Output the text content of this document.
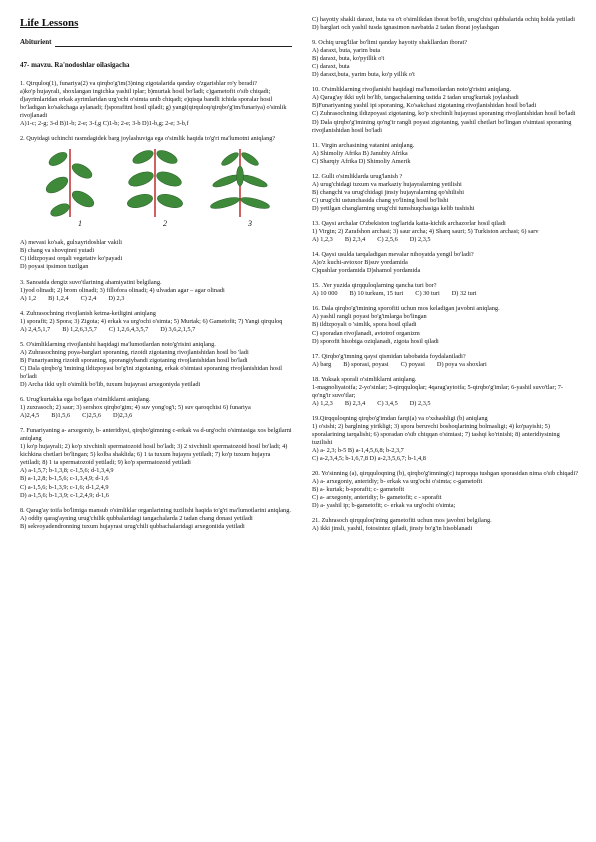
Life Lessons
Abiturient
47- mavzu. Ra'nodoshlar oilasigacha
1. Qirquloq(1), funariya(2) va qirqbo'g'im(3)ning zigotalarida qanday o'zgarishlar ro'y beradi?
a)ko'p hujayrali, shoxlangan ingichka yashil iplar; b)murtak hosil bo'ladi; c)gametofit o'sib chiqadi; d)ayrimlaridan erkak ayrimlaridan urg'ochi o'simta unib chiqadi; e)qisqa bandli ichida sporalar hosil bo'ladigan ko'sakchaga aylanadi; f)sporafitni hosil qiladi; g) yangi(qirquloq/qirqbo'g'im/funariya) o'simlik rivojlanadi
A)1-c; 2-g; 3-d B)1-b; 2-e; 3-f,g C)1-b; 2-e; 3-b D)1-b,g; 2-e; 3-b,f
2. Quyidagi uchinchi rasmdagidek barg joylashuviga ega o'simlik haqida to'g'ri ma'lumotni aniqlang?
1	2	3
A) mevasi ko'sak, gulxayridoshlar vakili
B) chang va shovqinni yutadi
C) ildizpoyasi orqali vegetativ ko'payadi
D) poyasi ipsimon tuzilgan
3. Sanoatda dengiz suvo'tlarining ahamiyatini belgilang.
1)yod olinadi; 2) brom olinadi; 3) fillofora olinadi; 4) ulvadan agar – agar olinadi
A) 1,2 B) 1,2,4 C) 2,4 D) 2,3
4. Zuhrasochning rivojlanish ketma-ketligini aniqlang
1) sporafit; 2) Spora; 3) Zigota; 4) erkak va urg'ochi o'simta; 5) Murtak; 6) Gametofit; 7) Yangi qirquloq
A) 2,4,5,1,7 B) 1,2,6,3,5,7 C) 1,2,6,4,3,5,7 D) 3,6,2,1,5,7
5. O'simliklarning rivojlanishi haqidagi ma'lumotlardan noto'g'risini aniqlang.
A) Zuhrasochning poya-barglari sporaning, rizoidi zigotaning rivojlanishidan hosil bo 'ladi
B) Funariyaning rizoidi sporaning, sporangiybandi zigotaning rivojlanishidan hosil bo'ladi
C) Dala qirqbo'g 'imining ildizpoyasi bo'g'ini zigotaning, erkak o'simtasi sporaning rivojlanishidan hosil bo'ladi
D) Archa ikki uyli o'simlik bo'lib, tuxum hujayrasi arxegoniyda yetiladi
6. Urug'kurtakka ega bo'lgan o'simliklarni aniqlang.
1) zuxrasoch; 2) saur; 3) sershox qirqbo'gim; 4) suv yong'og'i; 5) suv qaroqchisi 6) funariya
A)2,4,5 B)1,5,6 C)2,5,6 D)2,3,6
7. Funariyaning a- arxegoniy, b- anteridiysi, qirqbo'gimning c-erkak va d-urg'ochi o'simtasiga xos belgilarni aniqlang
1) ko'p hujayrali; 2) ko'p xivchinli spermatozoid hosil bo'ladi; 3) 2 xivchinli spermatozoid hosil bo'ladi; 4) kichkina chetlari bo'lingan; 5) kolba shaklida; 6) 1 ta tuxum hujayra yetiladi; 7) ko'p tuxum hujayra yetiladi; 8) 1 ta spermatozoid yetiladi; 9) ko'p spermatozoid yetiladi
A) a-1,5,7; b-1,3,8; c-1,5,6; d-1,3,4,9
B) a-1,2,8; b-1,5,6; c-1,3,4,9; d-1,6
C) a-1,5,6; b-1,3,9; c-1,6; d-1,2,4,9
D) a-1,5,6; b-1,3,9; c-1,2,4,9; d-1,6
8. Qarag'ay toifa bo'limiga mansub o'simliklar organlarining tuzilishi haqida to'g'ri ma'lumotlarini aniqlang.
A) oddiy qarag'ayning urug'chilik qubbalaridagi tangachalarda 2 tadan chang donasi yetiladi
B) sekvoyadendronning tuxum hujayrasi urug'chili qubbachalaridagi arxegoniida yetiladi
C) hayotiy shakli daraxt, buta va o't o'simlikdan iborat bo'lib, urug'chisi qubbalarida ochiq holda yetiladi
D) barglari och yashil tusda ignasimon navbatda 2 tadan iborat joylashgan
9. Ochiq urug'lilar bo'limi qanday hayotiy shakllardan iborat?
A) daraxt, buta, yarim buta
B) daraxt, buta, ko'pyillik o't
C) daraxt, buta
D) daraxt,buta, yarim buta, ko'p yillik o't
10. O'simliklarning rivojlanishi haqidagi ma'lumotlardan noto'g'risini aniqlang.
A) Qarag'ay ikki uyli bo'lib, tangachalarning ustida 2 tadan urug'kurtak joylashadi
B)Funariyaning yashil ipi sporaning, Ko'sakchasi zigotaning rivojlanishidan hosil bo'ladi
C) Zuhrasochning ildizpoyasi zigotaning, ko'p xivchinli hujayrasi sporaning rivojlanishidan hosil bo'ladi
D) Dala qirqbo'g'imining qo'ng'ir rangli poyasi zigotaning, yashil chetlari bo'lingan o'simtasi sporaning rivojlanishidan hosil bo'ladi
11. Virgin archasining vatanini aniqlang.
A) Shimoliy Afrika B) Janubiy Afrika
C) Sharqiy Afrika D) Shimoliy Amerik
12. Gulli o'simliklarda urug'lanish ?
A) urug'chidagi tuxum va markaziy hujayralarning yetilishi
B) changchi va urug'chidagi jinsiy hujayralarning qo'shilishi
C) urug'chi ustunchasida chang yo'lining hosil bo'lishi
D) yetilgan changlarning urug'chi tumshuqchasiga kelib tushishi
13. Qaysi archalar O'zbekiston tog'larida katta-kichik archazorlar hosil qiladi
1) Virgin; 2) Zarafshon archasi; 3) saur archa; 4) Sharq sauri; 5) Turkiston archasi; 6) sarv
A) 1,2,3 B) 2,3,4 C) 2,5,6 D) 2,3,5
14. Qaysi usulda tarqaladigan mevalar nihoyatda yengil bo'ladi?
A)o'z kuchi-avtoxor B)suv yordamida
C)qushlar yordamida D)shamol yordamida
15. .Yer yuzida qirqquloqlarning qancha turi bor?
A) 10 000 B) 10 turkum, 15 turi C) 30 turi D) 32 turi
16. Dala qirqbo'g'imining sporofiti uchun mos keladigan javobni aniqlang.
A) yashil rangli poyasi bo'g'imlarga bo'lingan
B) ildizpoyali o 'simlik, spora hosil qiladi
C) sporadan rivojlanadi, avtotrof organizm
D) sporofit hisobiga oziqlanadi, zigota hosil qiladi
17. Qirqbo'g'imning qaysi qismidan tabobatda foydalaniladi?
A) barg B) sporasi, poyasi C) poyasi D) poya va shoxlari
18. Yuksak sporali o'simliklarni aniqlang.
1-magnoliyatoifa; 2-yo'sinlar; 3-qirqquloqlar; 4qarag'aytoifa; 5-qirqbo'g'imlar; 6-yashil suvo'tlar; 7-qo'ng'ir suvo'tlar;
A) 1,2,3 B) 2,3,4 C) 3,4,5 D) 2,3,5
19.Qirqquloqning qirqbo'g'imdan farqi(a) va o'xshashligi (b) aniqlang
1) o'sishi; 2) barglning yirikligi; 3) spora beruvchi boshoqlarining bolmasligi; 4) ko'payishi; 5) sporalarining tarqalishi; 6) sporadan o'sib chiqqan o'simtasi; 7) tashqi ko'rinishi; 8) anteridiysining tuzilishi
A) a- 2,3; b-5 B) a-1,4,5,6,8; b-2,3,7
C) a-2,3,4,5; b-1,6,7,8 D) a-2,3,5,6,7; b-1,4,8
20. Yo'sinning (a), qirqquloqning (b), qirqbo'g'imning(c) tuproqqa tushgan sporasidan nima o'sib chiqadi?
A) a- arxegoniy, anteridiy; b- erkak va urg'ochi o'simta; c-gametofit
B) a- kurtak; b-sporafit; c- gametofit
C) a- arxegoniy, anteridiy; b- gametofit; c - sporafit
D) a- yashil ip; b-gametofit; c- erkak va urg'ochi o'simta;
21. Zuhrasoch qirqquloq'ining gametofiti uchun mos javobni belgilang.
A) ikki jinsli, yashil, fotosintez qiladi, jinsiy bo'g'in hisoblanadi
